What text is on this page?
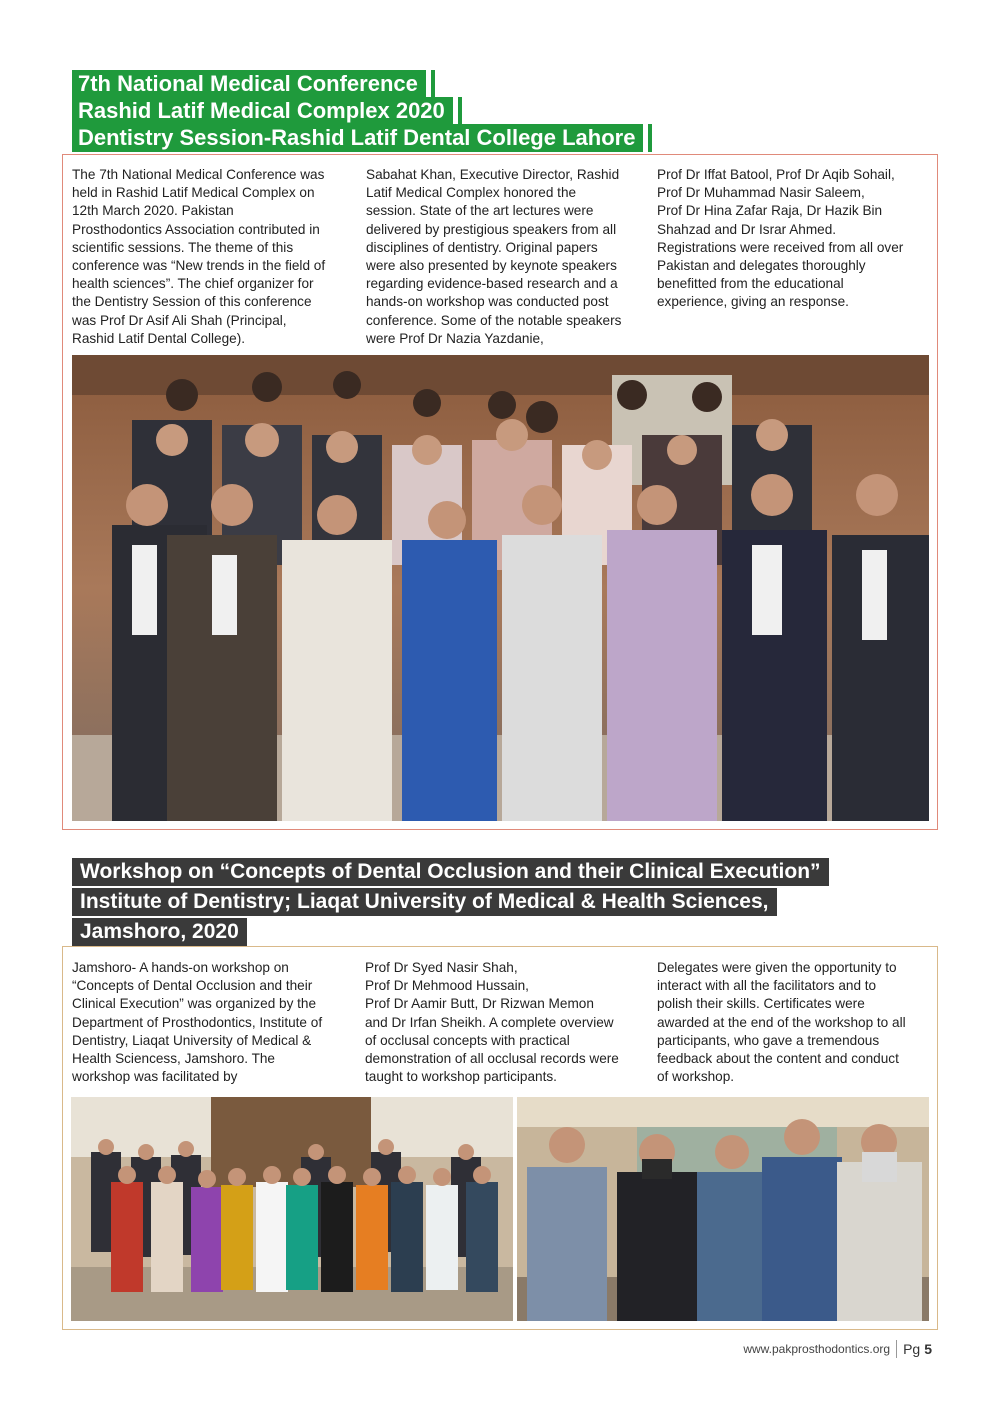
7th National Medical Conference
Rashid Latif Medical Complex 2020
Dentistry Session-Rashid Latif Dental College Lahore
The 7th National Medical Conference was
held in Rashid Latif Medical Complex on
12th March 2020. Pakistan
Prosthodontics Association contributed in
scientific sessions. The theme of this
conference was “New trends in the field of
health sciences”. The chief organizer for
the Dentistry Session of this conference
was Prof Dr Asif Ali Shah (Principal,
Rashid Latif Dental College).
Sabahat Khan, Executive Director, Rashid
Latif Medical Complex honored the
session. State of the art lectures were
delivered by prestigious speakers from all
disciplines of dentistry. Original papers
were also presented by keynote speakers
regarding evidence-based research and a
hands-on workshop was conducted post
conference. Some of the notable speakers
were Prof Dr Nazia Yazdanie,
Prof Dr Iffat Batool, Prof Dr Aqib Sohail,
Prof Dr Muhammad Nasir Saleem,
Prof Dr Hina Zafar Raja, Dr Hazik Bin
Shahzad and Dr Israr Ahmed.
Registrations were received from all over
Pakistan and delegates thoroughly
benefitted from the educational
experience, giving an response.
Workshop on “Concepts of Dental Occlusion and their Clinical Execution”
Institute of Dentistry; Liaqat University of Medical & Health Sciences,
Jamshoro, 2020
Jamshoro- A hands-on workshop on
“Concepts of Dental Occlusion and their
Clinical Execution” was organized by the
Department of Prosthodontics, Institute of
Dentistry, Liaqat University of Medical &
Health Sciencess, Jamshoro. The
workshop was facilitated by
Prof Dr Syed Nasir Shah,
Prof Dr Mehmood Hussain,
Prof Dr Aamir Butt, Dr Rizwan Memon
and Dr Irfan Sheikh. A complete overview
of occlusal concepts with practical
demonstration of all occlusal records were
taught to workshop participants.
Delegates were given the opportunity to
interact with all the facilitators and to
polish their skills. Certificates were
awarded at the end of the workshop to all
participants, who gave a tremendous
feedback about the content and conduct
of workshop.
www.pakprosthodontics.org Pg 5
